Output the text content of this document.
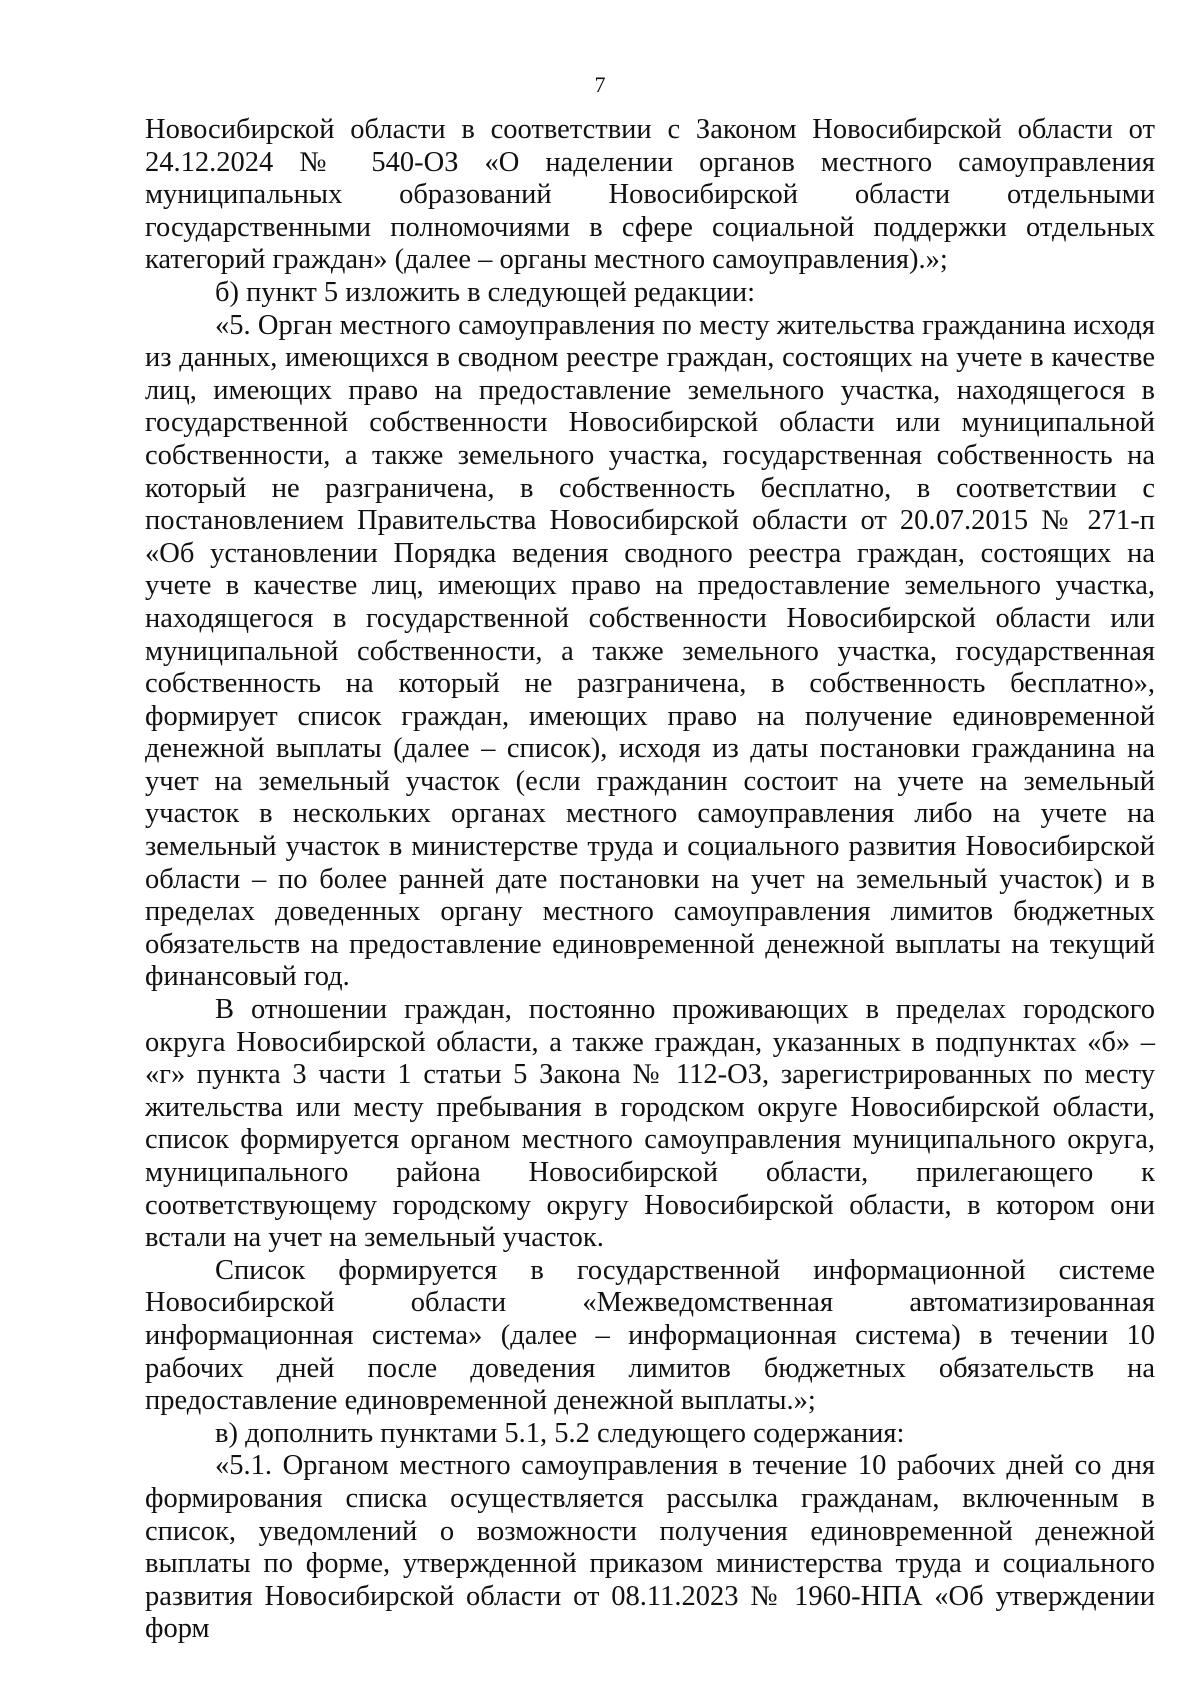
7

Новосибирской области в соответствии с Законом Новосибирской области от 24.12.2024 № 540-ОЗ «О наделении органов местного самоуправления муниципальных образований Новосибирской области отдельными государственными полномочиями в сфере социальной поддержки отдельных категорий граждан» (далее – органы местного самоуправления).»;

б) пункт 5 изложить в следующей редакции:

«5. Орган местного самоуправления по месту жительства гражданина исходя из данных, имеющихся в сводном реестре граждан, состоящих на учете в качестве лиц, имеющих право на предоставление земельного участка, находящегося в государственной собственности Новосибирской области или муниципальной собственности, а также земельного участка, государственная собственность на который не разграничена, в собственность бесплатно, в соответствии с постановлением Правительства Новосибирской области от 20.07.2015 № 271-п «Об установлении Порядка ведения сводного реестра граждан, состоящих на учете в качестве лиц, имеющих право на предоставление земельного участка, находящегося в государственной собственности Новосибирской области или муниципальной собственности, а также земельного участка, государственная собственность на который не разграничена, в собственность бесплатно», формирует список граждан, имеющих право на получение единовременной денежной выплаты (далее – список), исходя из даты постановки гражданина на учет на земельный участок (если гражданин состоит на учете на земельный участок в нескольких органах местного самоуправления либо на учете на земельный участок в министерстве труда и социального развития Новосибирской области – по более ранней дате постановки на учет на земельный участок) и в пределах доведенных органу местного самоуправления лимитов бюджетных обязательств на предоставление единовременной денежной выплаты на текущий финансовый год.

В отношении граждан, постоянно проживающих в пределах городского округа Новосибирской области, а также граждан, указанных в подпунктах «б» – «г» пункта 3 части 1 статьи 5 Закона № 112-ОЗ, зарегистрированных по месту жительства или месту пребывания в городском округе Новосибирской области, список формируется органом местного самоуправления муниципального округа, муниципального района Новосибирской области, прилегающего к соответствующему городскому округу Новосибирской области, в котором они встали на учет на земельный участок.

Список формируется в государственной информационной системе Новосибирской области «Межведомственная автоматизированная информационная система» (далее – информационная система) в течении 10 рабочих дней после доведения лимитов бюджетных обязательств на предоставление единовременной денежной выплаты.»;

в) дополнить пунктами 5.1, 5.2 следующего содержания:

«5.1. Органом местного самоуправления в течение 10 рабочих дней со дня формирования списка осуществляется рассылка гражданам, включенным в список, уведомлений о возможности получения единовременной денежной выплаты по форме, утвержденной приказом министерства труда и социального развития Новосибирской области от 08.11.2023 № 1960-НПА «Об утверждении форм
